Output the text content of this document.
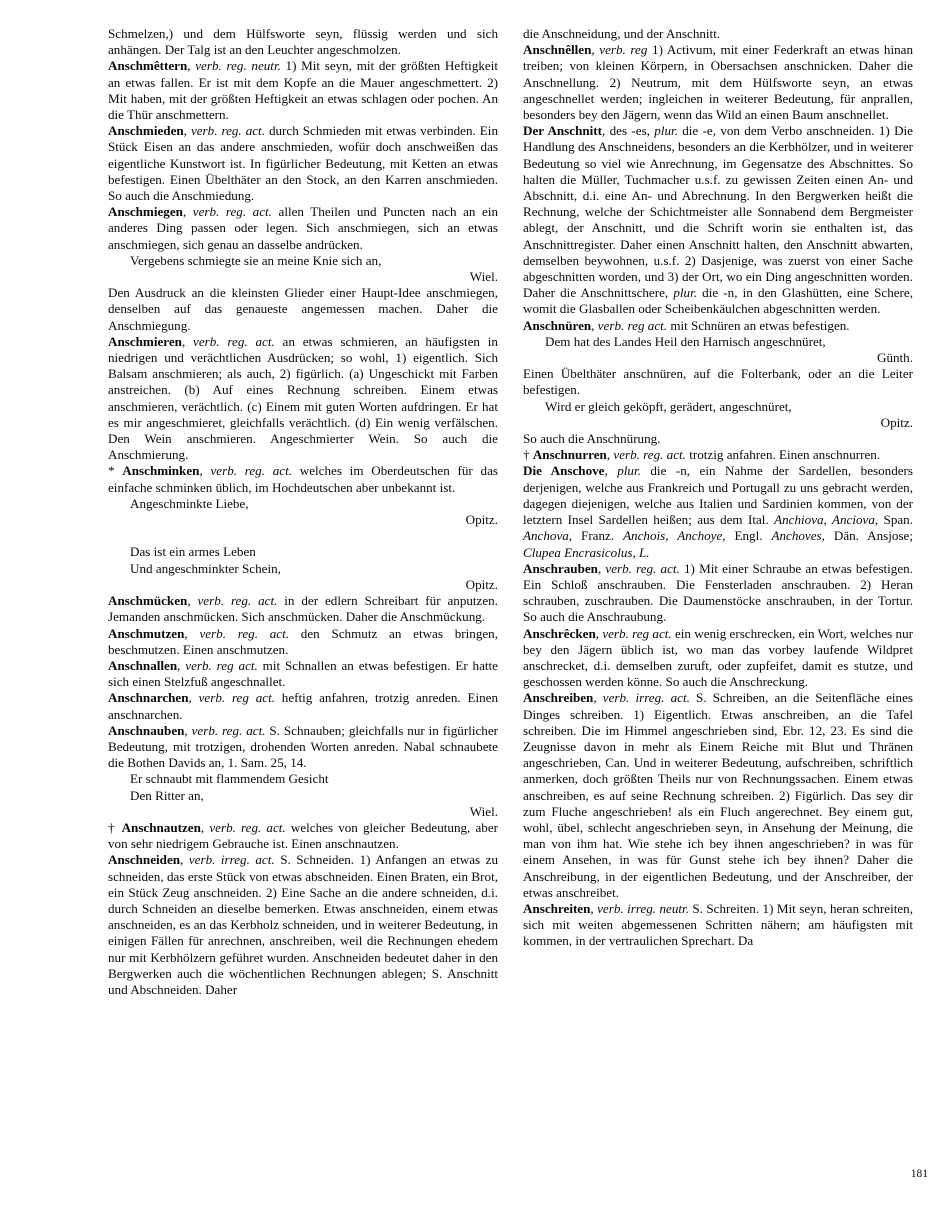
Schmelzen,) und dem Hülfsworte seyn, flüssig werden und sich anhängen. Der Talg ist an den Leuchter angeschmolzen.

Anschmêttern, verb. reg. neutr. 1) Mit seyn, mit der größten Heftigkeit an etwas fallen. Er ist mit dem Kopfe an die Mauer angeschmettert. 2) Mit haben, mit der größten Heftigkeit an etwas schlagen oder pochen. An die Thür anschmettern.

Anschmieden, verb. reg. act. durch Schmieden mit etwas verbinden. Ein Stück Eisen an das andere anschmieden, wofür doch anschweißen das eigentliche Kunstwort ist. In figürlicher Bedeutung, mit Ketten an etwas befestigen. Einen Übelthäter an den Stock, an den Karren anschmieden. So auch die Anschmiedung.

Anschmiegen, verb. reg. act. allen Theilen und Puncten nach an ein anderes Ding passen oder legen. Sich anschmiegen, sich an etwas anschmiegen, sich genau an dasselbe andrücken.

Vergebens schmiegte sie an meine Knie sich an,

Wiel.

Den Ausdruck an die kleinsten Glieder einer Haupt-Idee anschmiegen, denselben auf das genaueste angemessen machen. Daher die Anschmiegung.

Anschmieren, verb. reg. act. an etwas schmieren, an häufigsten in niedrigen und verächtlichen Ausdrücken; so wohl, 1) eigentlich. Sich Balsam anschmieren; als auch, 2) figürlich. (a) Ungeschickt mit Farben anstreichen. (b) Auf eines Rechnung schreiben. Einem etwas anschmieren, verächtlich. (c) Einem mit guten Worten aufdringen. Er hat es mir angeschmieret, gleichfalls verächtlich. (d) Ein wenig verfälschen. Den Wein anschmieren. Angeschmierter Wein. So auch die Anschmierung.

* Anschminken, verb. reg. act. welches im Oberdeutschen für das einfache schminken üblich, im Hochdeutschen aber unbekannt ist.

Angeschminkte Liebe,

Opitz.

Das ist ein armes Leben

Und angeschminkter Schein,

Opitz.

Anschmücken, verb. reg. act. in der edlern Schreibart für anputzen. Jemanden anschmücken. Sich anschmücken. Daher die Anschmückung.

Anschmutzen, verb. reg. act. den Schmutz an etwas bringen, beschmutzen. Einen anschmutzen.

Anschnallen, verb. reg act. mit Schnallen an etwas befestigen. Er hatte sich einen Stelzfuß angeschnallet.

Anschnarchen, verb. reg act. heftig anfahren, trotzig anreden. Einen anschnarchen.

Anschnauben, verb. reg. act. S. Schnauben; gleichfalls nur in figürlicher Bedeutung, mit trotzigen, drohenden Worten anreden. Nabal schnaubete die Bothen Davids an, 1. Sam. 25, 14.

Er schnaubt mit flammendem Gesicht

Den Ritter an,

Wiel.

† Anschnautzen, verb. reg. act. welches von gleicher Bedeutung, aber von sehr niedrigem Gebrauche ist. Einen anschnautzen.

Anschneiden, verb. irreg. act. S. Schneiden. 1) Anfangen an etwas zu schneiden, das erste Stück von etwas abschneiden. Einen Braten, ein Brot, ein Stück Zeug anschneiden. 2) Eine Sache an die andere schneiden, d.i. durch Schneiden an dieselbe bemerken. Etwas anschneiden, einem etwas anschneiden, es an das Kerbholz schneiden, und in weiterer Bedeutung, in einigen Fällen für anrechnen, anschreiben, weil die Rechnungen ehedem nur mit Kerbhölzern geführet wurden. Anschneiden bedeutet daher in den Bergwerken auch die wöchentlichen Rechnungen ablegen; S. Anschnitt und Abschneiden. Daher

die Anschneidung, und der Anschnitt.

Anschnêllen, verb. reg 1) Activum, mit einer Federkraft an etwas hinan treiben; von kleinen Körpern, in Obersachsen anschnicken. Daher die Anschnellung. 2) Neutrum, mit dem Hülfsworte seyn, an etwas angeschnellet werden; ingleichen in weiterer Bedeutung, für anprallen, besonders bey den Jägern, wenn das Wild an einen Baum anschnellet.

Der Anschnitt, des -es, plur. die -e, von dem Verbo anschneiden. 1) Die Handlung des Anschneidens, besonders an die Kerbhölzer, und in weiterer Bedeutung so viel wie Anrechnung, im Gegensatze des Abschnittes. So halten die Müller, Tuchmacher u.s.f. zu gewissen Zeiten einen An- und Abschnitt, d.i. eine An- und Abrechnung. In den Bergwerken heißt die Rechnung, welche der Schichtmeister alle Sonnabend dem Bergmeister ablegt, der Anschnitt, und die Schrift worin sie enthalten ist, das Anschnittregister. Daher einen Anschnitt halten, den Anschnitt abwarten, demselben beywohnen, u.s.f. 2) Dasjenige, was zuerst von einer Sache abgeschnitten worden, und 3) der Ort, wo ein Ding angeschnitten worden. Daher die Anschnittschere, plur. die -n, in den Glashütten, eine Schere, womit die Glasballen oder Scheibenkäulchen abgeschnitten werden.

Anschnüren, verb. reg act. mit Schnüren an etwas befestigen.

Dem hat des Landes Heil den Harnisch angeschnüret,

Günth.

Einen Übelthäter anschnüren, auf die Folterbank, oder an die Leiter befestigen.

Wird er gleich geköpft, gerädert, angeschnüret,

Opitz.

So auch die Anschnürung.

† Anschnurren, verb. reg. act. trotzig anfahren. Einen anschnurren.

Die Anschove, plur. die -n, ein Nahme der Sardellen, besonders derjenigen, welche aus Frankreich und Portugall zu uns gebracht werden, dagegen diejenigen, welche aus Italien und Sardinien kommen, von der letztern Insel Sardellen heißen; aus dem Ital. Anchiova, Anciova, Span. Anchova, Franz. Anchois, Anchoye, Engl. Anchoves, Dän. Ansjose; Clupea Encrasicolus, L.

Anschrauben, verb. reg. act. 1) Mit einer Schraube an etwas befestigen. Ein Schloß anschrauben. Die Fensterladen anschrauben. 2) Heran schrauben, zuschrauben. Die Daumenstöcke anschrauben, in der Tortur. So auch die Anschraubung.

Anschrêcken, verb. reg act. ein wenig erschrecken, ein Wort, welches nur bey den Jägern üblich ist, wo man das vorbey laufende Wildpret anschrecket, d.i. demselben zuruft, oder zupfeifet, damit es stutze, und geschossen werden könne. So auch die Anschreckung.

Anschreiben, verb. irreg. act. S. Schreiben, an die Seitenfläche eines Dinges schreiben. 1) Eigentlich. Etwas anschreiben, an die Tafel schreiben. Die im Himmel angeschrieben sind, Ebr. 12, 23. Es sind die Zeugnisse davon in mehr als Einem Reiche mit Blut und Thränen angeschrieben, Can. Und in weiterer Bedeutung, aufschreiben, schriftlich anmerken, doch größten Theils nur von Rechnungssachen. Einem etwas anschreiben, es auf seine Rechnung schreiben. 2) Figürlich. Das sey dir zum Fluche angeschrieben! als ein Fluch angerechnet. Bey einem gut, wohl, übel, schlecht angeschrieben seyn, in Ansehung der Meinung, die man von ihm hat. Wie stehe ich bey ihnen angeschrieben? in was für einem Ansehen, in was für Gunst stehe ich bey ihnen? Daher die Anschreibung, in der eigentlichen Bedeutung, und der Anschreiber, der etwas anschreibet.

Anschreiten, verb. irreg. neutr. S. Schreiten. 1) Mit seyn, heran schreiten, sich mit weiten abgemessenen Schritten nähern; am häufigsten mit kommen, in der vertraulichen Sprechart. Da

181
